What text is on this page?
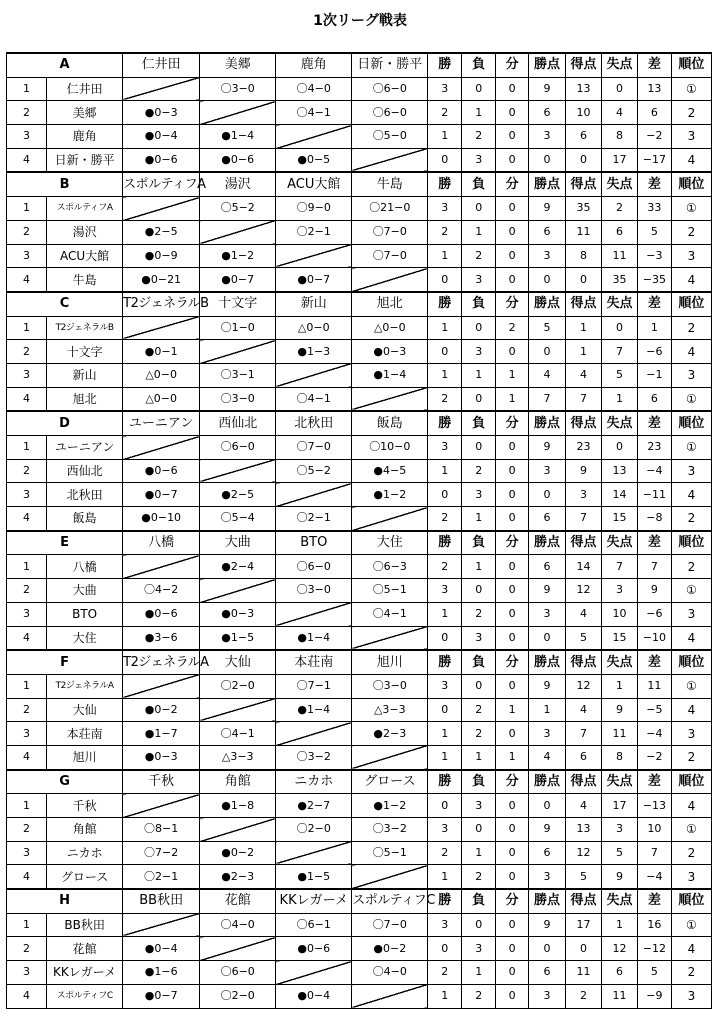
1次リーグ戦表
A		仁井田	美郷	鹿角	日新・勝平	勝	負	分	勝点	得点	失点	差	順位
1	仁井田		〇3−0	〇4−0	〇6−0	3	0	0	9	13	0	13	①
2	美郷	●0−3		〇4−1	〇6−0	2	1	0	6	10	4	6	2
3	鹿角	●0−4	●1−4		〇5−0	1	2	0	3	6	8	−2	3
4	日新・勝平	●0−6	●0−6	●0−5		0	3	0	0	0	17	−17	4
B		スポルティフA	湯沢	ACU大館	牛島	勝	負	分	勝点	得点	失点	差	順位
1	スポルティフA		〇5−2	〇9−0	〇21−0	3	0	0	9	35	2	33	①
2	湯沢	●2−5		〇2−1	〇7−0	2	1	0	6	11	6	5	2
3	ACU大館	●0−9	●1−2		〇7−0	1	2	0	3	8	11	−3	3
4	牛島	●0−21	●0−7	●0−7		0	3	0	0	0	35	−35	4
C		T2ジェネラルB	十文字	新山	旭北	勝	負	分	勝点	得点	失点	差	順位
1	T2ジェネラルB		〇1−0	△0−0	△0−0	1	0	2	5	1	0	1	2
2	十文字	●0−1		●1−3	●0−3	0	3	0	0	1	7	−6	4
3	新山	△0−0	〇3−1		●1−4	1	1	1	4	4	5	−1	3
4	旭北	△0−0	〇3−0	〇4−1		2	0	1	7	7	1	6	①
D		ユーニアン	西仙北	北秋田	飯島	勝	負	分	勝点	得点	失点	差	順位
1	ユーニアン		〇6−0	〇7−0	〇10−0	3	0	0	9	23	0	23	①
2	西仙北	●0−6		〇5−2	●4−5	1	2	0	3	9	13	−4	3
3	北秋田	●0−7	●2−5		●1−2	0	3	0	0	3	14	−11	4
4	飯島	●0−10	〇5−4	〇2−1		2	1	0	6	7	15	−8	2
E		八橋	大曲	BTO	大住	勝	負	分	勝点	得点	失点	差	順位
1	八橋		●2−4	〇6−0	〇6−3	2	1	0	6	14	7	7	2
2	大曲	〇4−2		〇3−0	〇5−1	3	0	0	9	12	3	9	①
3	BTO	●0−6	●0−3		〇4−1	1	2	0	3	4	10	−6	3
4	大住	●3−6	●1−5	●1−4		0	3	0	0	5	15	−10	4
F		T2ジェネラルA	大仙	本荘南	旭川	勝	負	分	勝点	得点	失点	差	順位
1	T2ジェネラルA		〇2−0	〇7−1	〇3−0	3	0	0	9	12	1	11	①
2	大仙	●0−2		●1−4	△3−3	0	2	1	1	4	9	−5	4
3	本荘南	●1−7	〇4−1		●2−3	1	2	0	3	7	11	−4	3
4	旭川	●0−3	△3−3	〇3−2		1	1	1	4	6	8	−2	2
G		千秋	角館	ニカホ	グロース	勝	負	分	勝点	得点	失点	差	順位
1	千秋		●1−8	●2−7	●1−2	0	3	0	0	4	17	−13	4
2	角館	〇8−1		〇2−0	〇3−2	3	0	0	9	13	3	10	①
3	ニカホ	〇7−2	●0−2		〇5−1	2	1	0	6	12	5	7	2
4	グロース	〇2−1	●2−3	●1−5		1	2	0	3	5	9	−4	3
H		BB秋田	花館	KKレガーメ	スポルティフC	勝	負	分	勝点	得点	失点	差	順位
1	BB秋田		〇4−0	〇6−1	〇7−0	3	0	0	9	17	1	16	①
2	花館	●0−4		●0−6	●0−2	0	3	0	0	0	12	−12	4
3	KKレガーメ	●1−6	〇6−0		〇4−0	2	1	0	6	11	6	5	2
4	スポルティフC	●0−7	〇2−0	●0−4		1	2	0	3	2	11	−9	3
